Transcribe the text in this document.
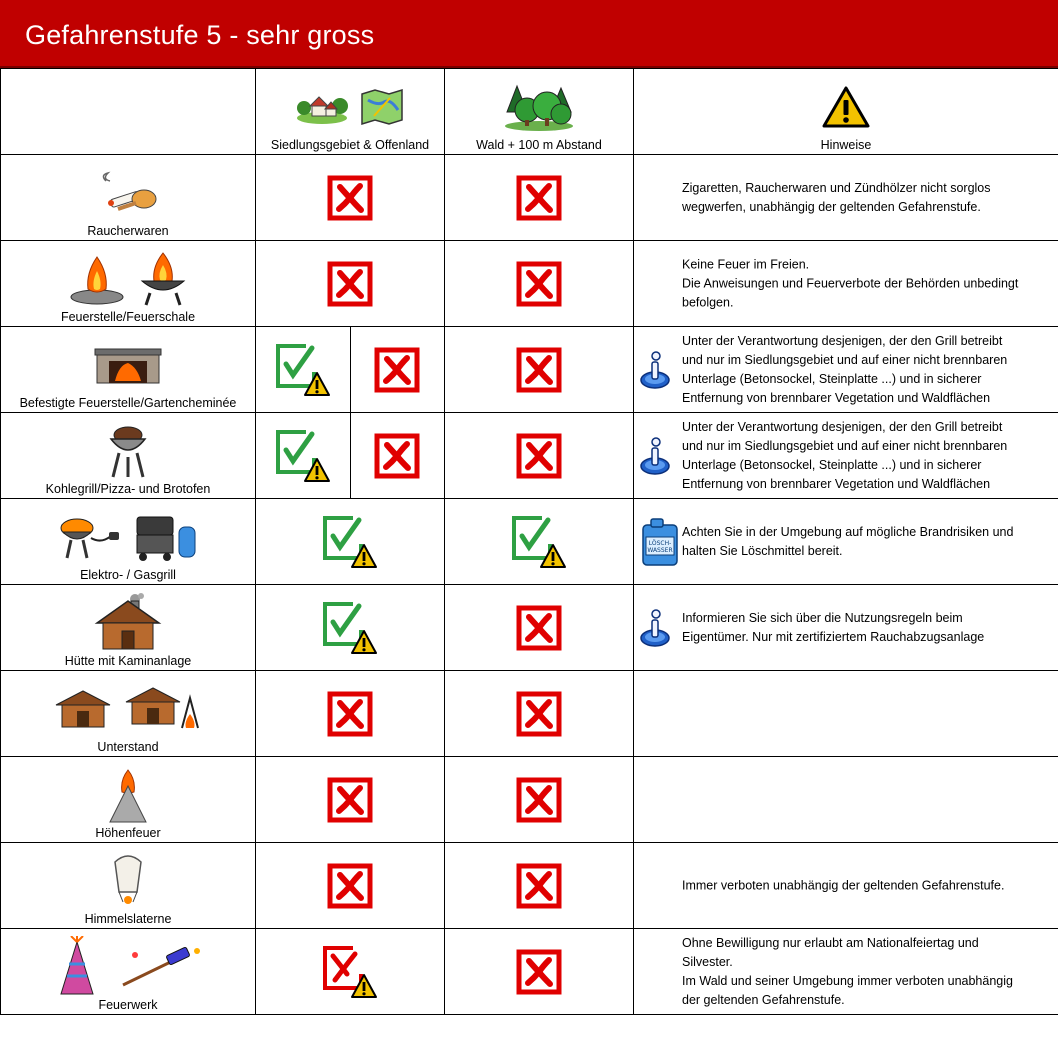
Gefahrenstufe 5 - sehr gross

	Siedlungsgebiet & Offenland	Wald + 100 m Abstand	Hinweise

Raucherwaren			Zigaretten, Raucherwaren und Zündhölzer nicht sorglos
wegwerfen, unabhängig der geltenden Gefahrenstufe.

Feuerstelle/Feuerschale			Keine Feuer im Freien.
Die Anweisungen und Feuerverbote der Behörden unbedingt
befolgen.

Befestigte Feuerstelle/Gartencheminée			Unter der Verantwortung desjenigen, der den Grill betreibt
und nur im Siedlungsgebiet und auf einer nicht brennbaren
Unterlage (Betonsockel, Steinplatte ...) und in sicherer
Entfernung von brennbarer Vegetation und Waldflächen

Kohlegrill/Pizza- und Brotofen			Unter der Verantwortung desjenigen, der den Grill betreibt
und nur im Siedlungsgebiet und auf einer nicht brennbaren
Unterlage (Betonsockel, Steinplatte ...) und in sicherer
Entfernung von brennbarer Vegetation und Waldflächen

Elektro- / Gasgrill			LÖSCH-
WASSER

Achten Sie in der Umgebung auf mögliche Brandrisiken und
halten Sie Löschmittel bereit.

Hütte mit Kaminanlage			Informieren Sie sich über die Nutzungsregeln beim
Eigentümer. Nur mit zertifiziertem Rauchabzugsanlage

Unterstand

Höhenfeuer

Himmelslaterne			Immer verboten unabhängig der geltenden Gefahrenstufe.

Feuerwerk			Ohne Bewilligung nur erlaubt am Nationalfeiertag und
Silvester.
Im Wald und seiner Umgebung immer verboten unabhängig
der geltenden Gefahrenstufe.
